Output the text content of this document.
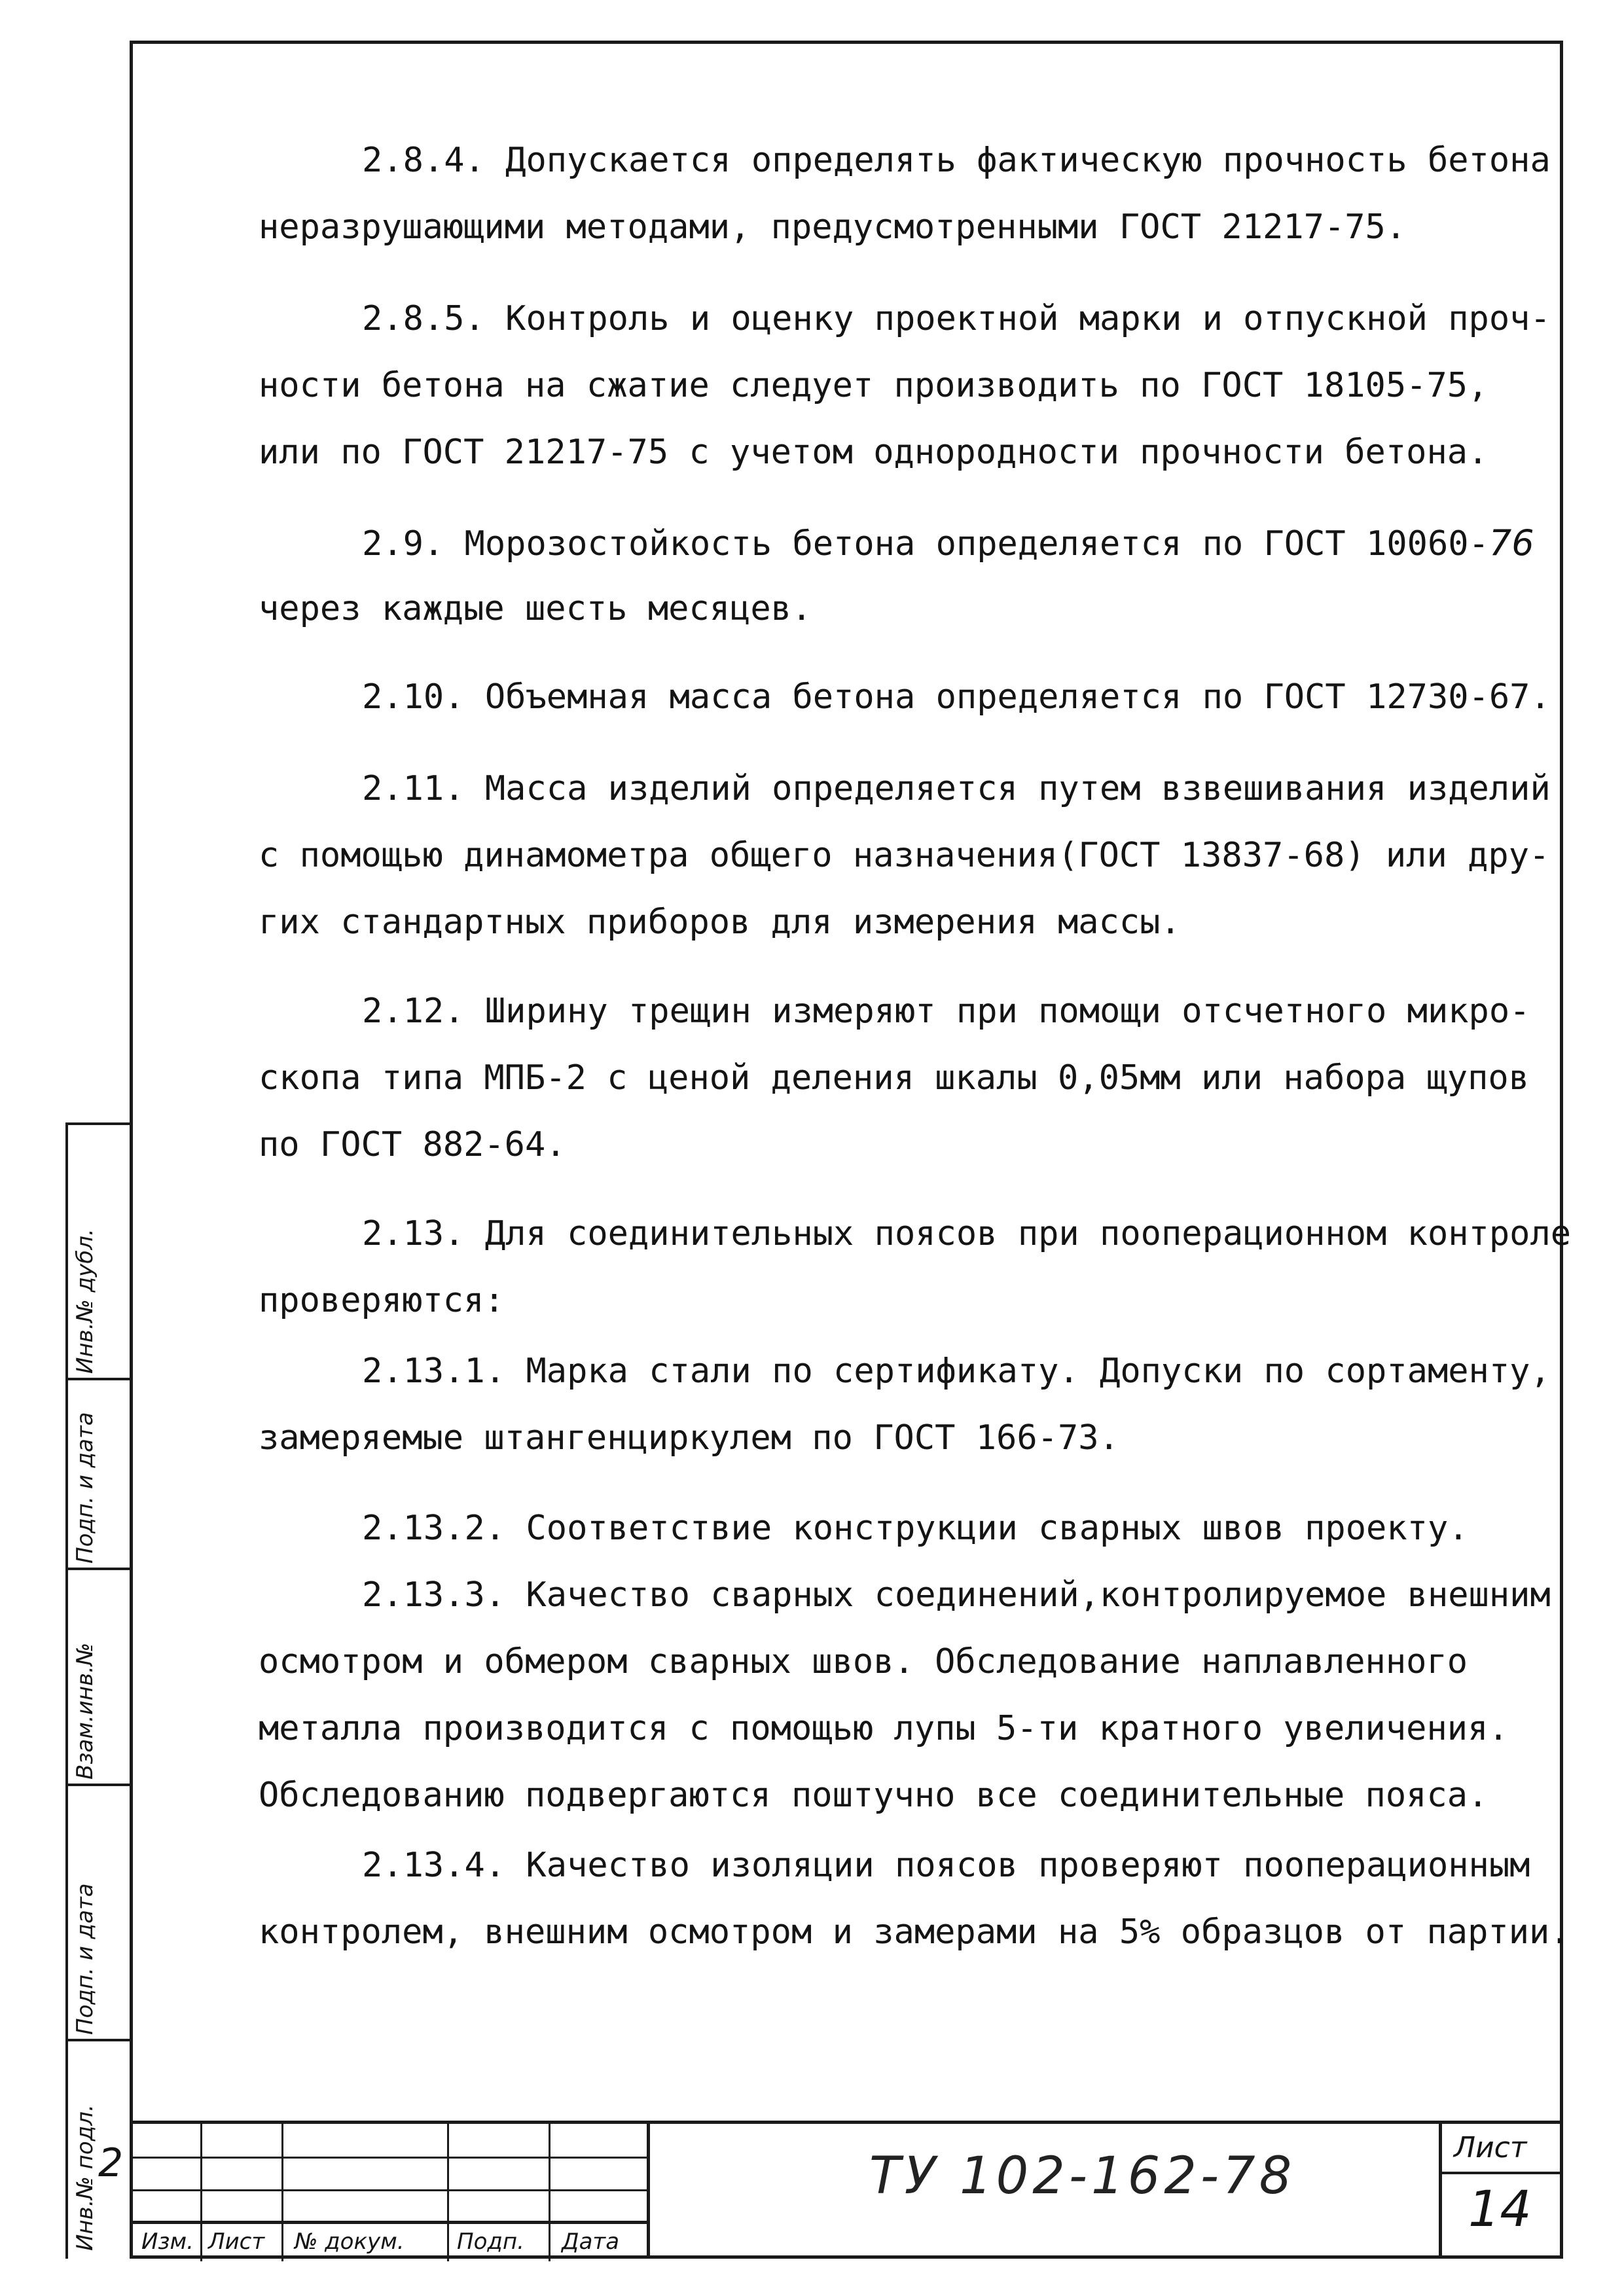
2.8.4. Допускается определять фактическую прочность бетона
неразрушающими методами, предусмотренными ГОСТ 21217-75.
2.8.5. Контроль и оценку проектной марки и отпускной проч-
ности бетона на сжатие следует производить по ГОСТ 18105-75,
или по ГОСТ 21217-75 с учетом однородности прочности бетона.
2.9. Морозостойкость бетона определяется по ГОСТ 10060-76
через каждые шесть месяцев.
2.10. Объемная масса бетона определяется по ГОСТ 12730-67.
2.11. Масса изделий определяется путем взвешивания изделий
с помощью динамометра общего назначения(ГОСТ 13837-68) или дру-
гих стандартных приборов для измерения массы.
2.12. Ширину трещин измеряют при помощи отсчетного микро-
скопа типа МПБ-2 с ценой деления шкалы 0,05мм или набора щупов
по ГОСТ 882-64.
2.13. Для соединительных поясов при пооперационном контроле
проверяются:
2.13.1. Марка стали по сертификату. Допуски по сортаменту,
замеряемые штангенциркулем по ГОСТ 166-73.
2.13.2. Соответствие конструкции сварных швов проекту.
2.13.3. Качество сварных соединений,контролируемое внешним
осмотром и обмером сварных швов. Обследование наплавленного
металла производится с помощью лупы 5-ти кратного увеличения.
Обследованию подвергаются поштучно все соединительные пояса.
2.13.4. Качество изоляции поясов проверяют пооперационным
контролем, внешним осмотром и замерами на 5% образцов от партии.
Инв.№ дубл.
Подп. и дата
Взам.инв.№
Подп. и дата
Инв.№ подл. 2
Изм. Лист № докум. Подп. Дата
ТУ 102-162-78	Лист
14
